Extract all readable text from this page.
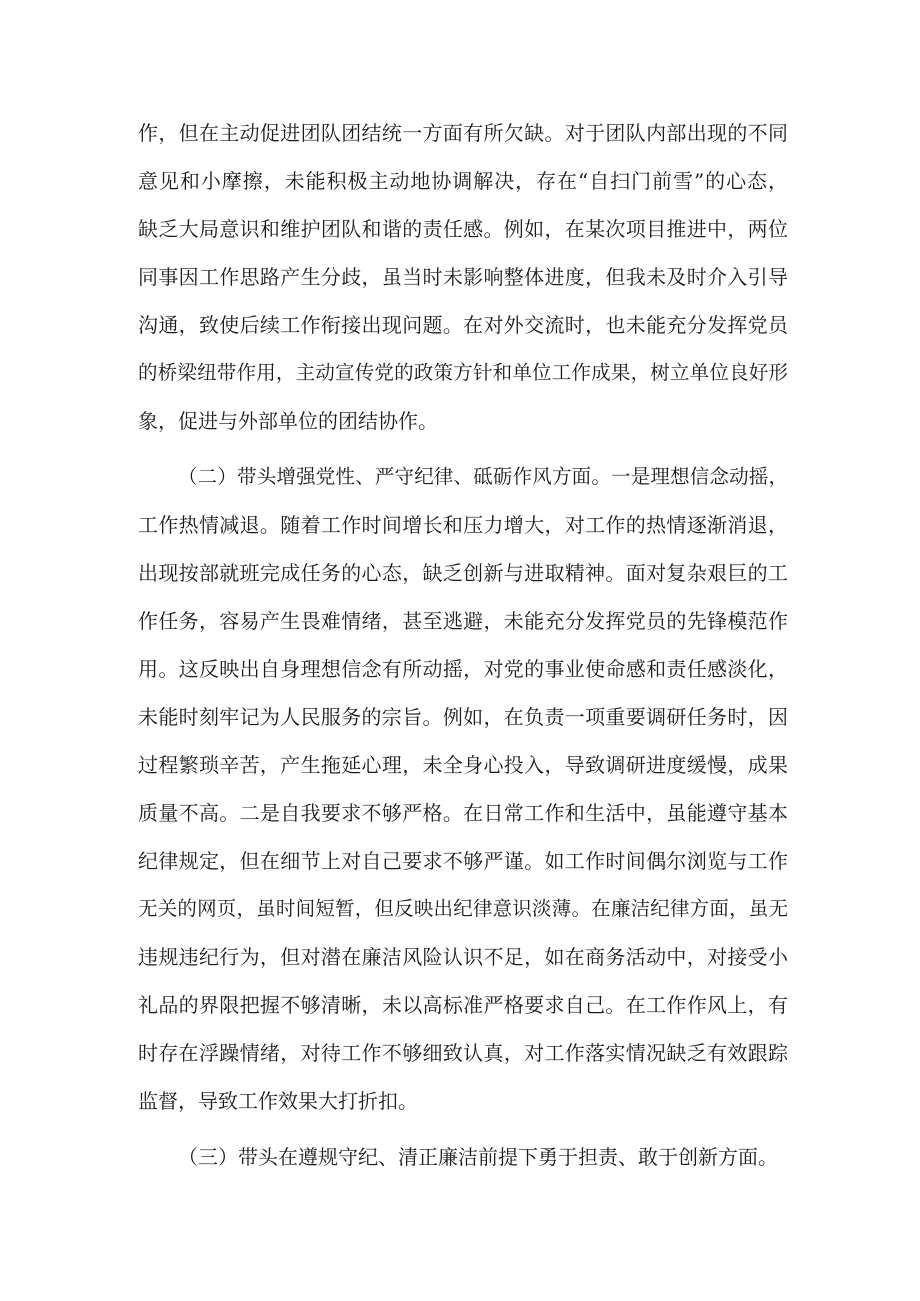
作，但在主动促进团队团结统一方面有所欠缺。对于团队内部出现的不同
意见和小摩擦，未能积极主动地协调解决，存在“自扫门前雪”的心态，
缺乏大局意识和维护团队和谐的责任感。例如，在某次项目推进中，两位
同事因工作思路产生分歧，虽当时未影响整体进度，但我未及时介入引导
沟通，致使后续工作衔接出现问题。在对外交流时，也未能充分发挥党员
的桥梁纽带作用，主动宣传党的政策方针和单位工作成果，树立单位良好形
象，促进与外部单位的团结协作。
（二）带头增强党性、严守纪律、砥砺作风方面。一是理想信念动摇，
工作热情减退。随着工作时间增长和压力增大，对工作的热情逐渐消退，
出现按部就班完成任务的心态，缺乏创新与进取精神。面对复杂艰巨的工
作任务，容易产生畏难情绪，甚至逃避，未能充分发挥党员的先锋模范作
用。这反映出自身理想信念有所动摇，对党的事业使命感和责任感淡化，
未能时刻牢记为人民服务的宗旨。例如，在负责一项重要调研任务时，因
过程繁琐辛苦，产生拖延心理，未全身心投入，导致调研进度缓慢，成果
质量不高。二是自我要求不够严格。在日常工作和生活中，虽能遵守基本
纪律规定，但在细节上对自己要求不够严谨。如工作时间偶尔浏览与工作
无关的网页，虽时间短暂，但反映出纪律意识淡薄。在廉洁纪律方面，虽无
违规违纪行为，但对潜在廉洁风险认识不足，如在商务活动中，对接受小
礼品的界限把握不够清晰，未以高标准严格要求自己。在工作作风上，有
时存在浮躁情绪，对待工作不够细致认真，对工作落实情况缺乏有效跟踪
监督，导致工作效果大打折扣。
（三）带头在遵规守纪、清正廉洁前提下勇于担责、敢于创新方面。
